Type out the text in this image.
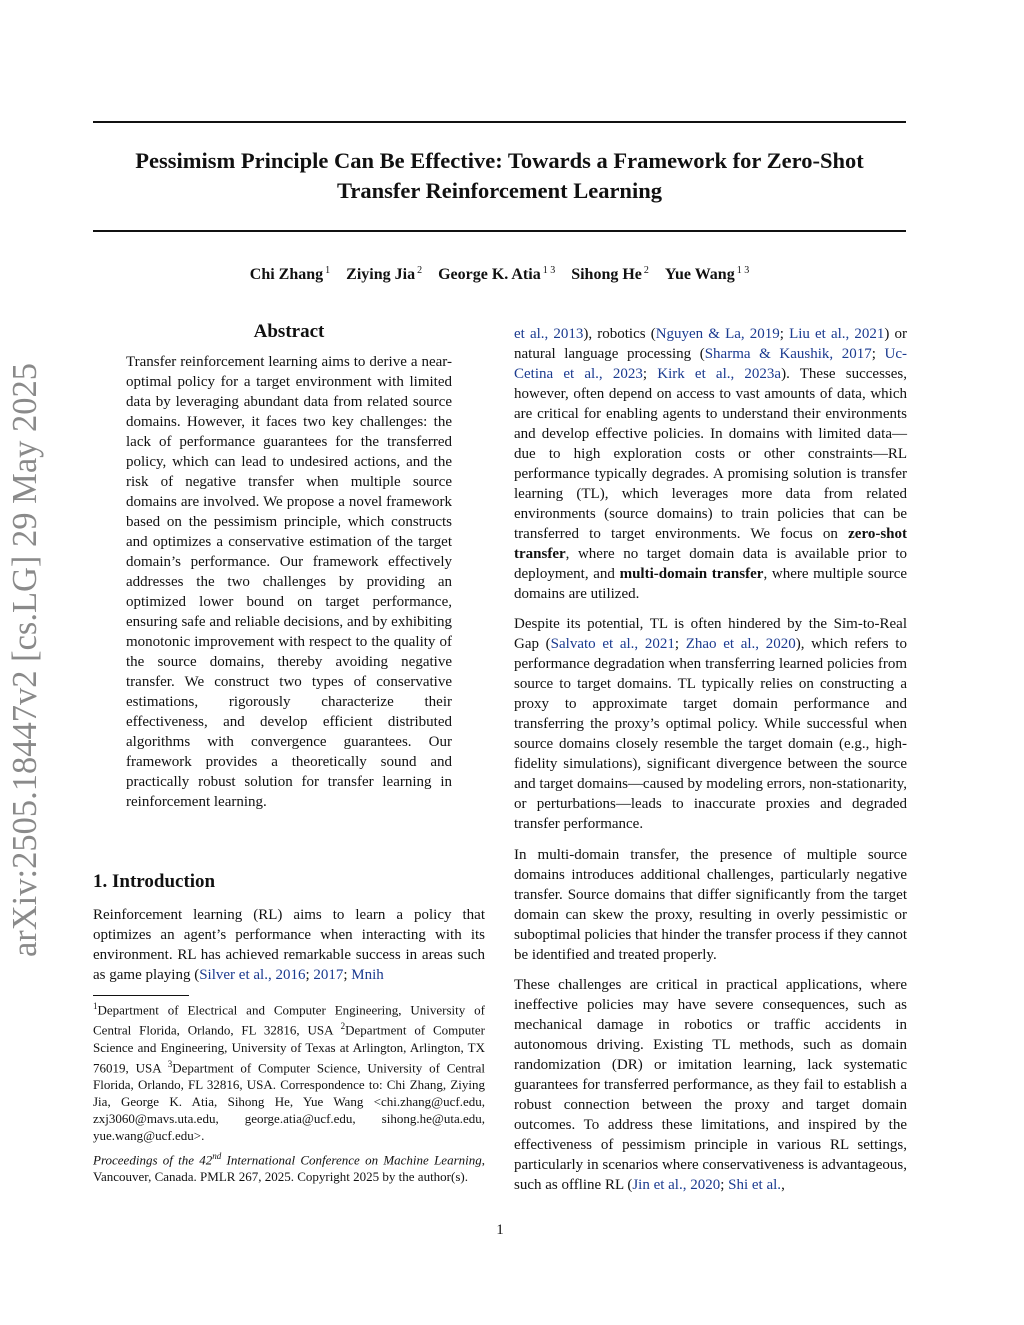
Pessimism Principle Can Be Effective: Towards a Framework for Zero-Shot Transfer Reinforcement Learning
Chi Zhang $^1$ Ziying Jia $^2$ George K. Atia $^{1 3}$ Sihong He $^2$ Yue Wang $^{1 3}$
arXiv:2505.18447v2 [cs.LG] 29 May 2025
Abstract
Transfer reinforcement learning aims to derive a near-optimal policy for a target environment with limited data by leveraging abundant data from related source domains. However, it faces two key challenges: the lack of performance guarantees for the transferred policy, which can lead to undesired actions, and the risk of negative transfer when multiple source domains are involved. We propose a novel framework based on the pessimism principle, which constructs and optimizes a conservative estimation of the target domain’s performance. Our framework effectively addresses the two challenges by providing an optimized lower bound on target performance, ensuring safe and reliable decisions, and by exhibiting monotonic improvement with respect to the quality of the source domains, thereby avoiding negative transfer. We construct two types of conservative estimations, rigorously characterize their effectiveness, and develop efficient distributed algorithms with convergence guarantees. Our framework provides a theoretically sound and practically robust solution for transfer learning in reinforcement learning.
1. Introduction
Reinforcement learning (RL) aims to learn a policy that optimizes an agent’s performance when interacting with its environment. RL has achieved remarkable success in areas such as game playing (Silver et al., 2016; 2017; Mnih
$^1$Department of Electrical and Computer Engineering, University of Central Florida, Orlando, FL 32816, USA $^2$Department of Computer Science and Engineering, University of Texas at Arlington, Arlington, TX 76019, USA $^3$Department of Computer Science, University of Central Florida, Orlando, FL 32816, USA. Correspondence to: Chi Zhang, Ziying Jia, George K. Atia, Sihong He, Yue Wang <chi.zhang@ucf.edu, zxj3060@mavs.uta.edu, george.atia@ucf.edu, sihong.he@uta.edu, yue.wang@ucf.edu>.
Proceedings of the 42nd International Conference on Machine Learning, Vancouver, Canada. PMLR 267, 2025. Copyright 2025 by the author(s).

et al., 2013), robotics (Nguyen & La, 2019; Liu et al., 2021) or natural language processing (Sharma & Kaushik, 2017; Uc-Cetina et al., 2023; Kirk et al., 2023a). These successes, however, often depend on access to vast amounts of data, which are critical for enabling agents to understand their environments and develop effective policies. In domains with limited data—due to high exploration costs or other constraints—RL performance typically degrades. A promising solution is transfer learning (TL), which leverages more data from related environments (source domains) to train policies that can be transferred to target environments. We focus on zero-shot transfer, where no target domain data is available prior to deployment, and multi-domain transfer, where multiple source domains are utilized.

Despite its potential, TL is often hindered by the Sim-to-Real Gap (Salvato et al., 2021; Zhao et al., 2020), which refers to performance degradation when transferring learned policies from source to target domains. TL typically relies on constructing a proxy to approximate target domain performance and transferring the proxy’s optimal policy. While successful when source domains closely resemble the target domain (e.g., high-fidelity simulations), significant divergence between the source and target domains—caused by modeling errors, non-stationarity, or perturbations—leads to inaccurate proxies and degraded transfer performance.

In multi-domain transfer, the presence of multiple source domains introduces additional challenges, particularly negative transfer. Source domains that differ significantly from the target domain can skew the proxy, resulting in overly pessimistic or suboptimal policies that hinder the transfer process if they cannot be identified and treated properly.

These challenges are critical in practical applications, where ineffective policies may have severe consequences, such as mechanical damage in robotics or traffic accidents in autonomous driving. Existing TL methods, such as domain randomization (DR) or imitation learning, lack systematic guarantees for transferred performance, as they fail to establish a robust connection between the proxy and target domain outcomes. To address these limitations, and inspired by the effectiveness of pessimism principle in various RL settings, particularly in scenarios where conservativeness is advantageous, such as offline RL (Jin et al., 2020; Shi et al.,

1
